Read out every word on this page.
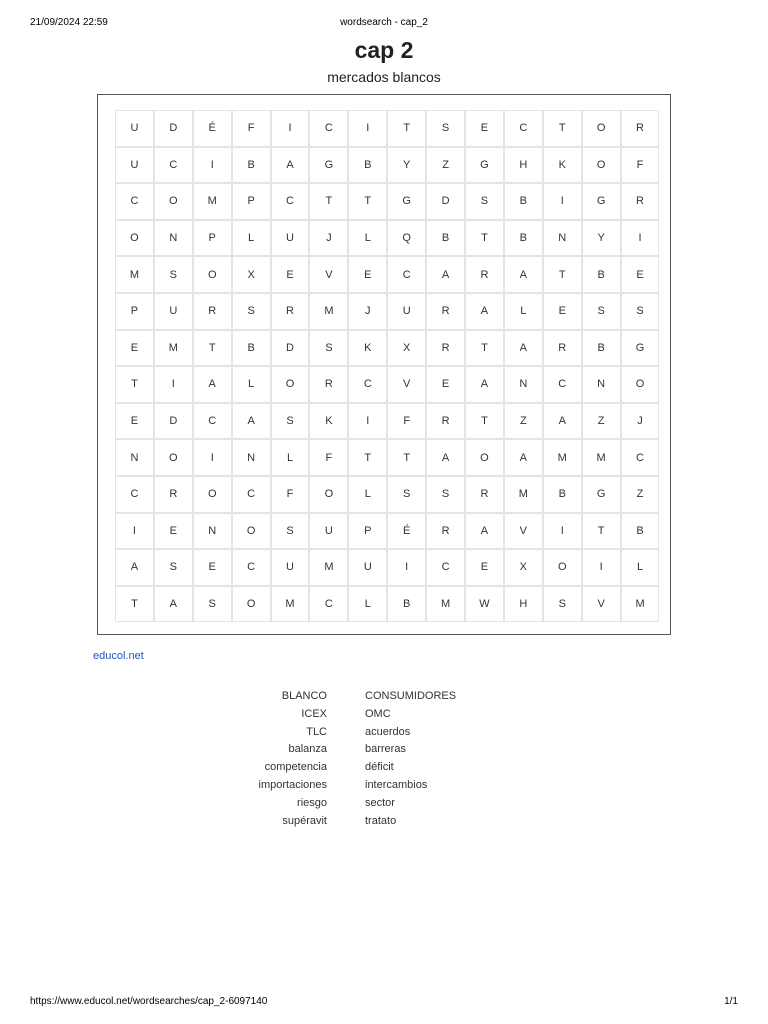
21/09/2024 22:59	wordsearch - cap_2
cap 2
mercados blancos
U	D	É	F	I	C	I	T	S	E	C	T	O	R
U	C	I	B	A	G	B	Y	Z	G	H	K	O	F
C	O	M	P	C	T	T	G	D	S	B	I	G	R
O	N	P	L	U	J	L	Q	B	T	B	N	Y	I
M	S	O	X	E	V	E	C	A	R	A	T	B	E
P	U	R	S	R	M	J	U	R	A	L	E	S	S
E	M	T	B	D	S	K	X	R	T	A	R	B	G
T	I	A	L	O	R	C	V	E	A	N	C	N	O
E	D	C	A	S	K	I	F	R	T	Z	A	Z	J
N	O	I	N	L	F	T	T	A	O	A	M	M	C
C	R	O	C	F	O	L	S	S	R	M	B	G	Z
I	E	N	O	S	U	P	É	R	A	V	I	T	B
A	S	E	C	U	M	U	I	C	E	X	O	I	L
T	A	S	O	M	C	L	B	M	W	H	S	V	M
educol.net
BLANCO
ICEX
TLC
balanza
competencia
importaciones
riesgo
supéravit
CONSUMIDORES
OMC
acuerdos
barreras
déficit
intercambios
sector
tratato
https://www.educol.net/wordsearches/cap_2-6097140	1/1
